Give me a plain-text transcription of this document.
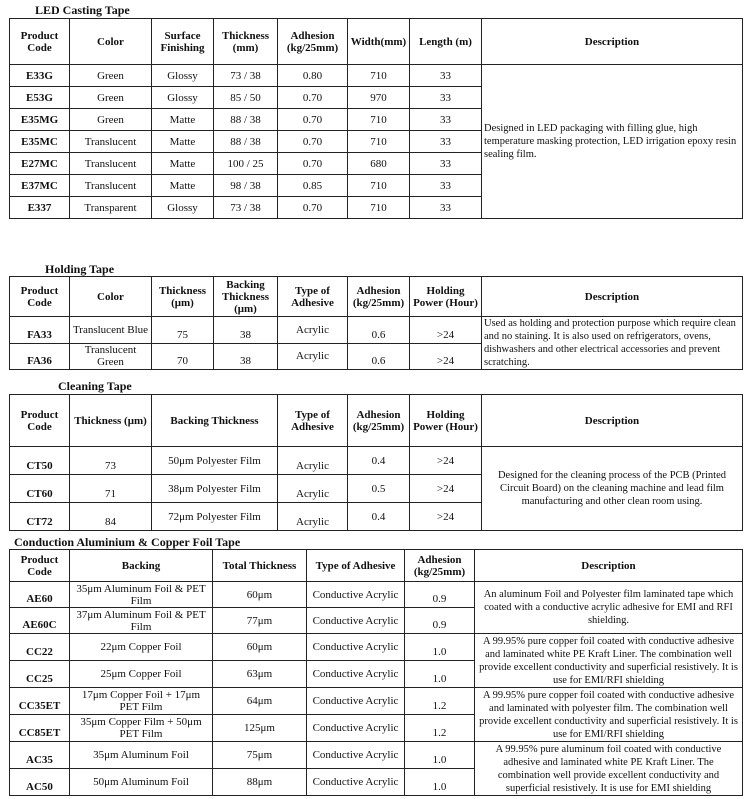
LED Casting Tape
Product Code	Color	Surface Finishing	Thickness (mm)	Adhesion (kg/25mm)	Width(mm)	Length (m)	Description
E33G	Green	Glossy	73 / 38	0.80	710	33	Designed in LED packaging with filling glue, high temperature masking protection, LED irrigation epoxy resin sealing film.
E53G	Green	Glossy	85 / 50	0.70	970	33	
E35MG	Green	Matte	88 / 38	0.70	710	33	
E35MC	Translucent	Matte	88 / 38	0.70	710	33	
E27MC	Translucent	Matte	100 / 25	0.70	680	33	
E37MC	Translucent	Matte	98 / 38	0.85	710	33	
E337	Transparent	Glossy	73 / 38	0.70	710	33	
Holding Tape
Product Code	Color	Thickness (μm)	Backing Thickness (μm)	Type of Adhesive	Adhesion (kg/25mm)	Holding Power (Hour)	Description
FA33	Translucent Blue	75	38	Acrylic	0.6	>24	Used as holding and protection purpose which require clean and no staining. It is also used on refrigerators, ovens, dishwashers and other electrical accessories and prevent scratching.
FA36	Translucent Green	70	38	Acrylic	0.6	>24	
Cleaning Tape
Product Code	Thickness (μm)	Backing Thickness	Type of Adhesive	Adhesion (kg/25mm)	Holding Power (Hour)	Description
CT50	73	50μm Polyester Film	Acrylic	0.4	>24	Designed for the cleaning process of the PCB (Printed Circuit Board) on the cleaning machine and lead film manufacturing and other clean room using.
CT60	71	38μm Polyester Film	Acrylic	0.5	>24	
CT72	84	72μm Polyester Film	Acrylic	0.4	>24	
Conduction Aluminium & Copper Foil Tape
Product Code	Backing	Total Thickness	Type of Adhesive	Adhesion (kg/25mm)	Description
AE60	35μm Aluminum Foil & PET Film	60μm	Conductive Acrylic	0.9	An aluminum Foil and Polyester film laminated tape which coated with a conductive acrylic adhesive for EMI and RFI shielding.
AE60C	37μm Aluminum Foil & PET Film	77μm	Conductive Acrylic	0.9	
CC22	22μm Copper Foil	60μm	Conductive Acrylic	1.0	A 99.95% pure copper foil coated with conductive adhesive and laminated white PE Kraft Liner. The combination well provide excellent conductivity and superficial resistively. It is use for EMI/RFI shielding
CC25	25μm Copper Foil	63μm	Conductive Acrylic	1.0	
CC35ET	17μm Copper Foil + 17μm PET Film	64μm	Conductive Acrylic	1.2	A 99.95% pure copper foil coated with conductive adhesive and laminated with polyester film. The combination well provide excellent conductivity and superficial resistively. It is use for EMI/RFI shielding
CC85ET	35μm Copper Film + 50μm PET Film	125μm	Conductive Acrylic	1.2	
AC35	35μm Aluminum Foil	75μm	Conductive Acrylic	1.0	A 99.95% pure aluminum foil coated with conductive adhesive and laminated white PE Kraft Liner. The combination well provide excellent conductivity and superficial resistively. It is use for EMI shielding
AC50	50μm Aluminum Foil	88μm	Conductive Acrylic	1.0	
